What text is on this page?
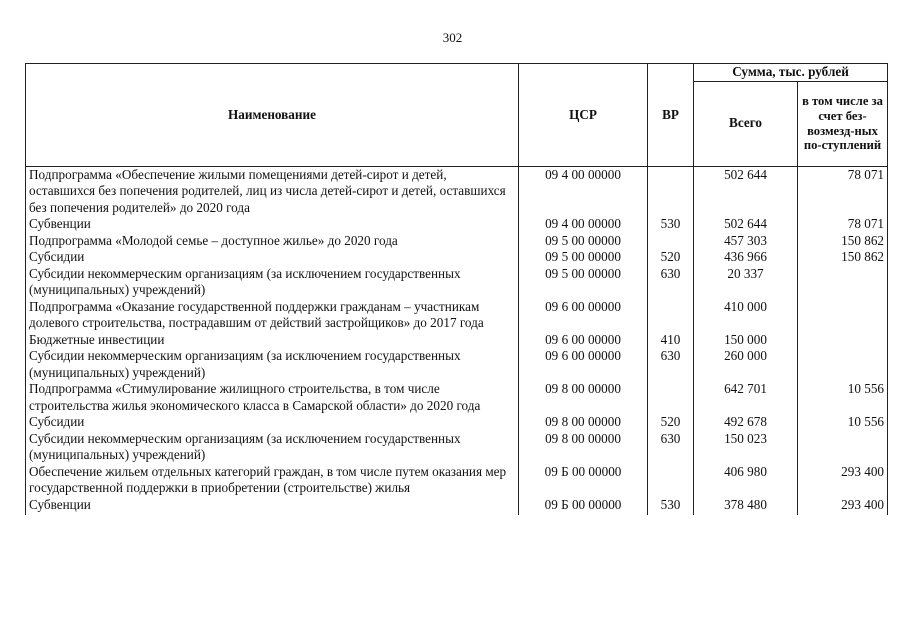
302
Наименование	ЦСР	ВР	Сумма, тыс. рублей	
			Всего	в том числе за счет без-возмезд-ных по-ступлений
Подпрограмма «Обеспечение жилыми помещениями детей-сирот и детей, оставшихся без попечения родителей, лиц из числа детей-сирот и детей, оставшихся без попечения родителей» до 2020 года	09 4 00 00000		502 644	78 071
Субвенции	09 4 00 00000	530	502 644	78 071
Подпрограмма «Молодой семье – доступное жилье» до 2020 года	09 5 00 00000		457 303	150 862
Субсидии	09 5 00 00000	520	436 966	150 862
Субсидии некоммерческим организациям (за исключением государственных (муниципальных) учреждений)	09 5 00 00000	630	20 337	
Подпрограмма «Оказание государственной поддержки гражданам – участникам долевого строительства, пострадавшим от действий застройщиков» до 2017 года	09 6 00 00000		410 000	
Бюджетные инвестиции	09 6 00 00000	410	150 000	
Субсидии некоммерческим организациям (за исключением государственных (муниципальных) учреждений)	09 6 00 00000	630	260 000	
Подпрограмма «Стимулирование жилищного строительства, в том числе строительства жилья экономического класса в Самарской области» до 2020 года	09 8 00 00000		642 701	10 556
Субсидии	09 8 00 00000	520	492 678	10 556
Субсидии некоммерческим организациям (за исключением государственных (муниципальных) учреждений)	09 8 00 00000	630	150 023	
Обеспечение жильем отдельных категорий граждан, в том числе путем оказания мер государственной поддержки в приобретении (строительстве) жилья	09 Б 00 00000		406 980	293 400
Субвенции	09 Б 00 00000	530	378 480	293 400
